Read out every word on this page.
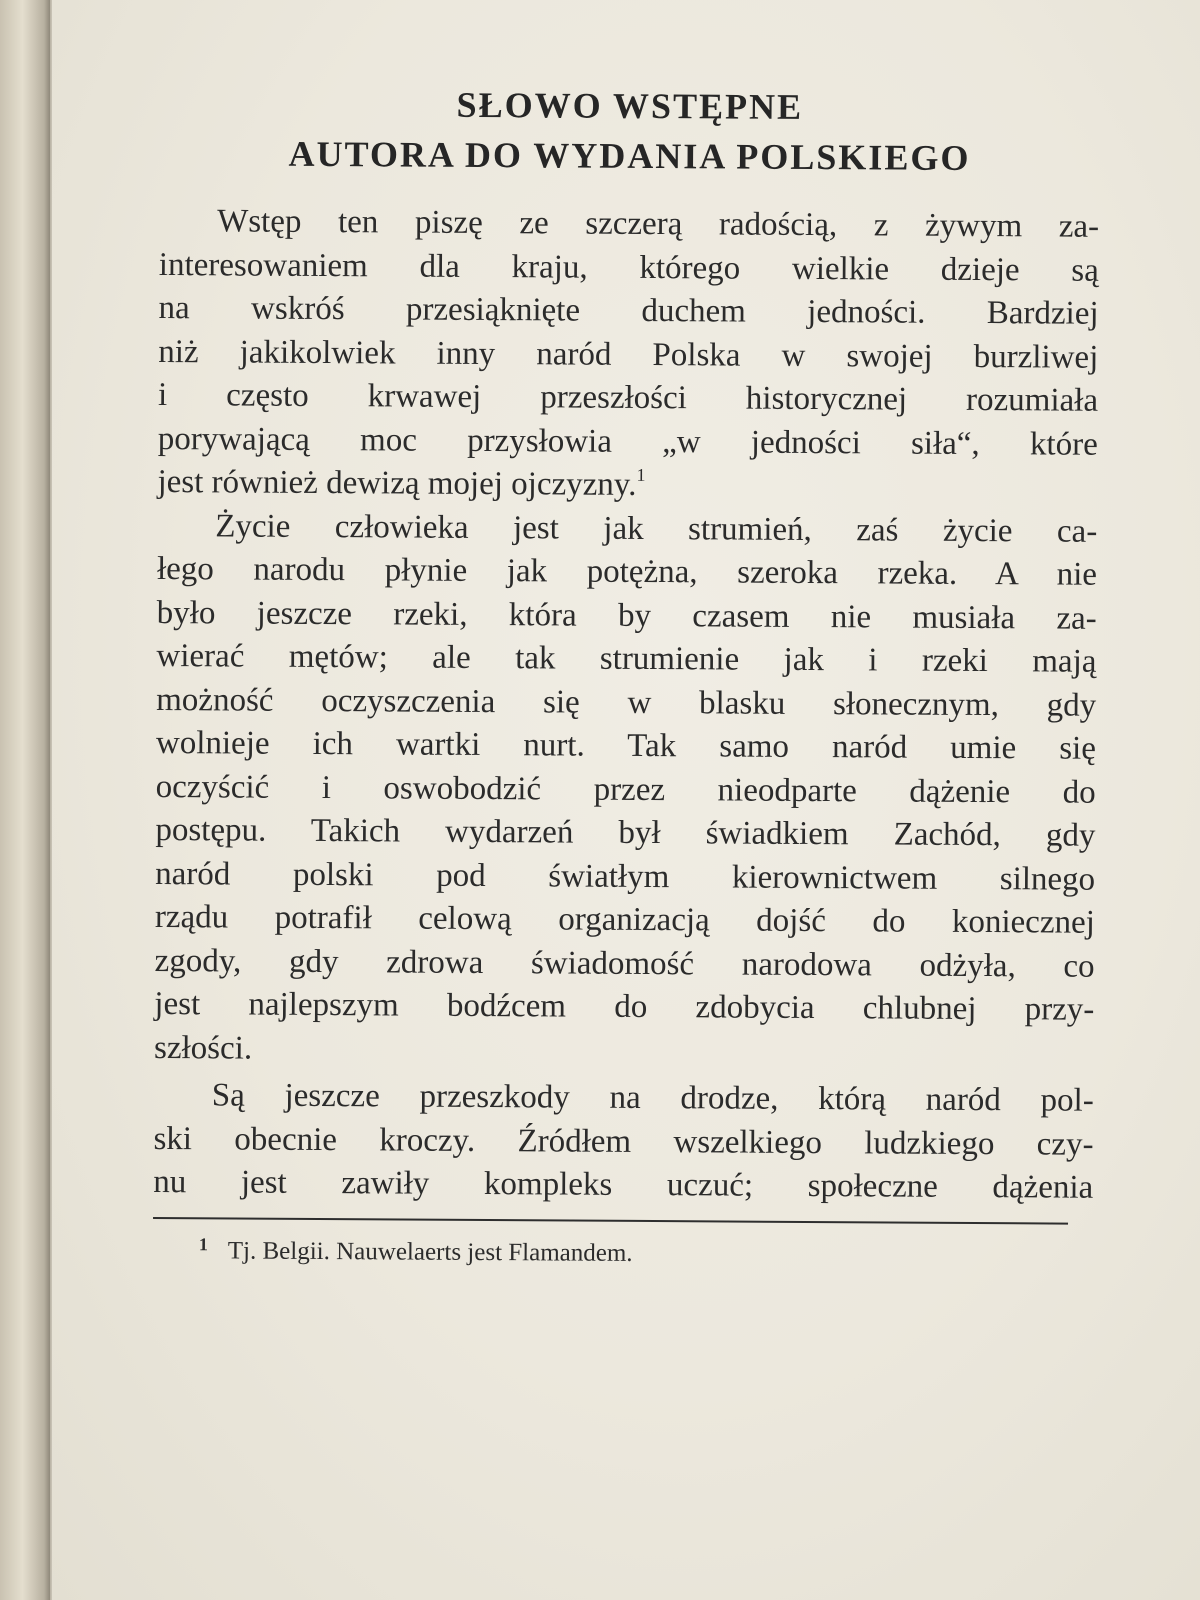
SŁOWO WSTĘPNE
AUTORA DO WYDANIA POLSKIEGO
Wstęp ten piszę ze szczerą radością, z żywym za-
interesowaniem dla kraju, którego wielkie dzieje są
na wskróś przesiąknięte duchem jedności. Bardziej
niż jakikolwiek inny naród Polska w swojej burzliwej
i często krwawej przeszłości historycznej rozumiała
porywającą moc przysłowia „w jedności siła“, które
jest również dewizą mojej ojczyzny.$^1$
Życie człowieka jest jak strumień, zaś życie ca-
łego narodu płynie jak potężna, szeroka rzeka. A nie
było jeszcze rzeki, która by czasem nie musiała za-
wierać mętów; ale tak strumienie jak i rzeki mają
możność oczyszczenia się w blasku słonecznym, gdy
wolnieje ich wartki nurt. Tak samo naród umie się
oczyścić i oswobodzić przez nieodparte dążenie do
postępu. Takich wydarzeń był świadkiem Zachód, gdy
naród polski pod światłym kierownictwem silnego
rządu potrafił celową organizacją dojść do koniecznej
zgody, gdy zdrowa świadomość narodowa odżyła, co
jest najlepszym bodźcem do zdobycia chlubnej przy-
szłości.
Są jeszcze przeszkody na drodze, którą naród pol-
ski obecnie kroczy. Źródłem wszelkiego ludzkiego czy-
nu jest zawiły kompleks uczuć; społeczne dążenia
$^1$ Tj. Belgii. Nauwelaerts jest Flamandem.
